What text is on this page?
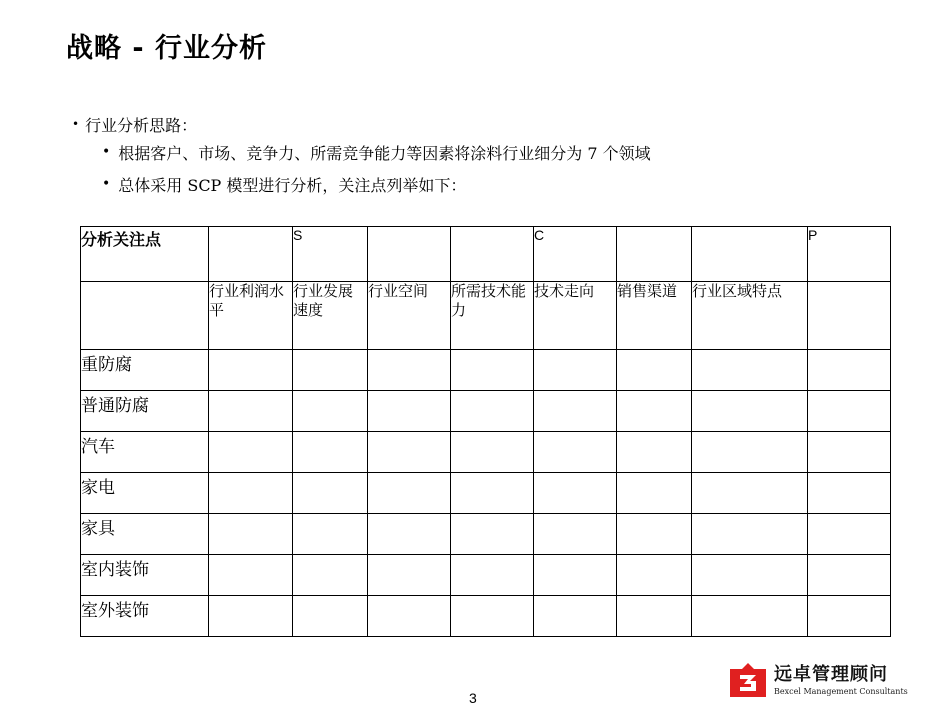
战略 - 行业分析
• 行业分析思路：
• 根据客户、市场、竞争力、所需竞争能力等因素将涂料行业细分为 7 个领域
• 总体采用 SCP 模型进行分析，关注点列举如下：
分析关注点		S			C			P
	行业利润水平	行业发展速度	行业空间	所需技术能力	技术走向	销售渠道	行业区域特点	
重防腐								
普通防腐								
汽车								
家电								
家具								
室内装饰								
室外装饰								
3
远卓管理顾问
Bexcel Management Consultants
